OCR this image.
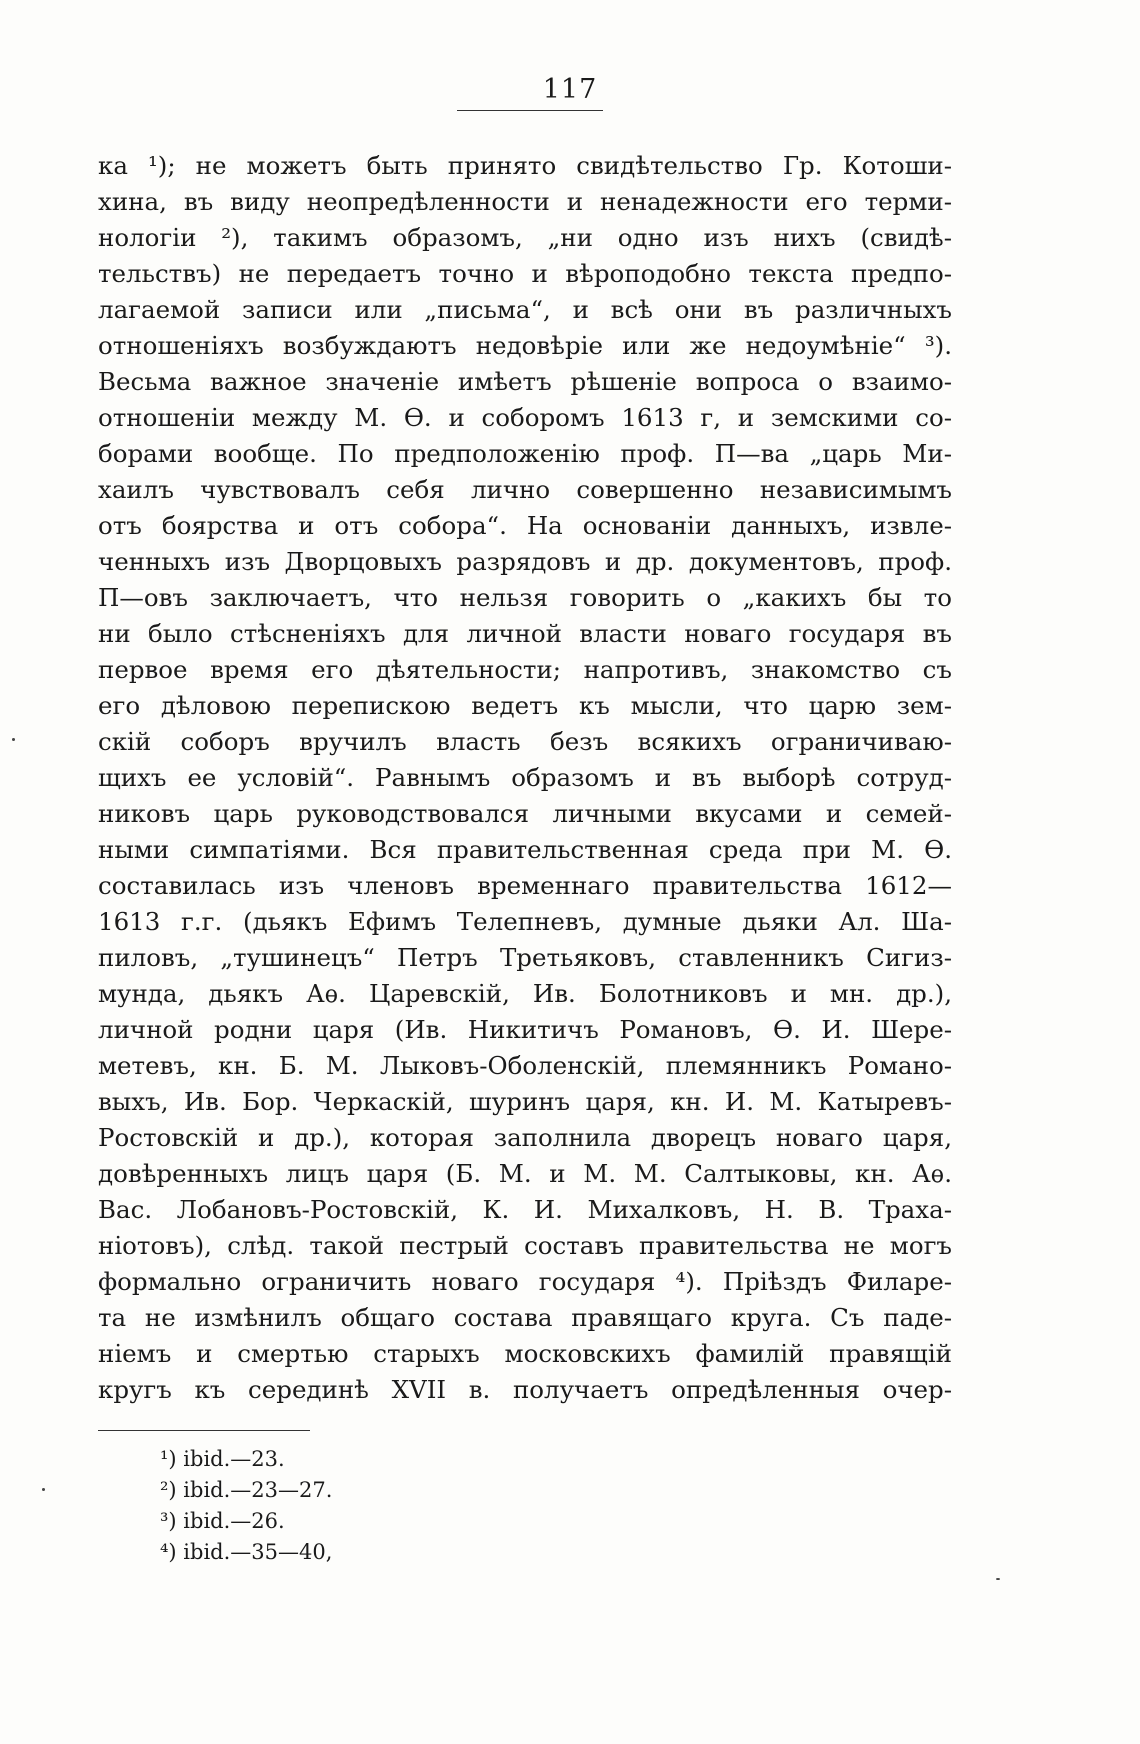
117
ка ¹); не можетъ быть принято свидѣтельство Гр. Котоши-
хина, въ виду неопредѣленности и ненадежности его терми-
нологіи ²), такимъ образомъ, „ни одно изъ нихъ (свидѣ-
тельствъ) не передаетъ точно и вѣроподобно текста предпо-
лагаемой записи или „письма“, и всѣ они въ различныхъ
отношеніяхъ возбуждаютъ недовѣріе или же недоумѣніе“ ³).
Весьма важное значеніе имѣетъ рѣшеніе вопроса о взаимо-
отношеніи между М. Ѳ. и соборомъ 1613 г, и земскими со-
борами вообще. По предположенію проф. П—ва „царь Ми-
хаилъ чувствовалъ себя лично совершенно независимымъ
отъ боярства и отъ собора“. На основаніи данныхъ, извле-
ченныхъ изъ Дворцовыхъ разрядовъ и др. документовъ, проф.
П—овъ заключаетъ, что нельзя говорить о „какихъ бы то
ни было стѣсненіяхъ для личной власти новаго государя въ
первое время его дѣятельности; напротивъ, знакомство съ
его дѣловою перепискою ведетъ къ мысли, что царю зем-
скій соборъ вручилъ власть безъ всякихъ ограничиваю-
щихъ ее условій“. Равнымъ образомъ и въ выборѣ сотруд-
никовъ царь руководствовался личными вкусами и семей-
ными симпатіями. Вся правительственная среда при М. Ѳ.
составилась изъ членовъ временнаго правительства 1612—
1613 г.г. (дьякъ Ефимъ Телепневъ, думные дьяки Ал. Ша-
пиловъ, „тушинецъ“ Петръ Третьяковъ, ставленникъ Сигиз-
мунда, дьякъ Аѳ. Царевскій, Ив. Болотниковъ и мн. др.),
личной родни царя (Ив. Никитичъ Романовъ, Ѳ. И. Шере-
метевъ, кн. Б. М. Лыковъ-Оболенскій, племянникъ Романо-
выхъ, Ив. Бор. Черкаскій, шуринъ царя, кн. И. М. Катыревъ-
Ростовскій и др.), которая заполнила дворецъ новаго царя,
довѣренныхъ лицъ царя (Б. М. и М. М. Салтыковы, кн. Аѳ.
Вас. Лобановъ-Ростовскій, К. И. Михалковъ, Н. В. Траха-
ніотовъ), слѣд. такой пестрый составъ правительства не могъ
формально ограничить новаго государя ⁴). Пріѣздъ Филаре-
та не измѣнилъ общаго состава правящаго круга. Съ паде-
ніемъ и смертью старыхъ московскихъ фамилій правящій
кругъ къ серединѣ XVII в. получаетъ опредѣленныя очер-
¹) ibid.—23.
²) ibid.—23—27.
³) ibid.—26.
⁴) ibid.—35—40,
